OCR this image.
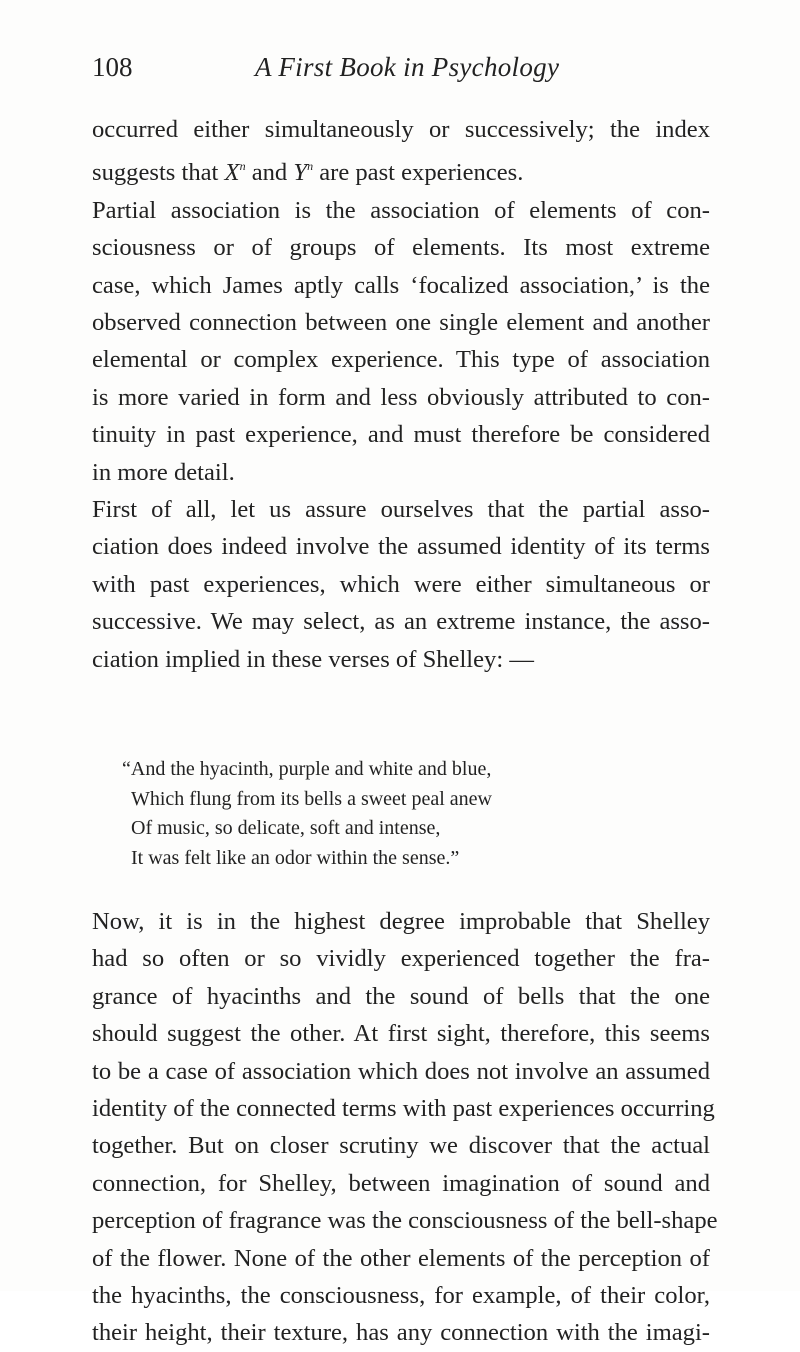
108	A First Book in Psychology

occurred either simultaneously or successively; the index
suggests that $X^n$ and $Y^n$ are past experiences.

Partial association is the association of elements of con-
sciousness or of groups of elements. Its most extreme
case, which James aptly calls ‘focalized association,’ is the
observed connection between one single element and another
elemental or complex experience. This type of association
is more varied in form and less obviously attributed to con-
tinuity in past experience, and must therefore be considered
in more detail.

First of all, let us assure ourselves that the partial asso-
ciation does indeed involve the assumed identity of its terms
with past experiences, which were either simultaneous or
successive. We may select, as an extreme instance, the asso-
ciation implied in these verses of Shelley: —

“And the hyacinth, purple and white and blue,
Which flung from its bells a sweet peal anew
Of music, so delicate, soft and intense,
It was felt like an odor within the sense.”

Now, it is in the highest degree improbable that Shelley
had so often or so vividly experienced together the fra-
grance of hyacinths and the sound of bells that the one
should suggest the other. At first sight, therefore, this seems
to be a case of association which does not involve an assumed
identity of the connected terms with past experiences occurring
together. But on closer scrutiny we discover that the actual
connection, for Shelley, between imagination of sound and
perception of fragrance was the consciousness of the bell-shape
of the flower. None of the other elements of the perception of
the hyacinths, the consciousness, for example, of their color,
their height, their texture, has any connection with the imagi-
